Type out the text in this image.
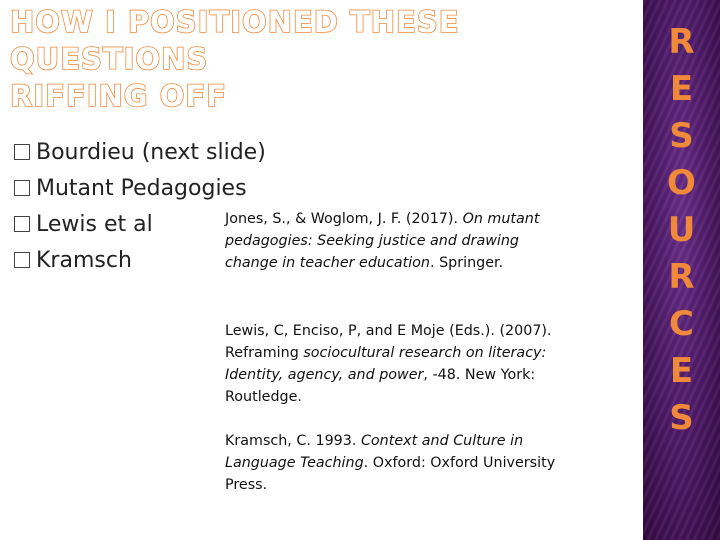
HOW I POSITIONED THESE
QUESTIONS
RIFFING OFF
Bourdieu (next slide)
Mutant Pedagogies
Lewis et al
Kramsch
Jones, S., & Woglom, J. F. (2017). On mutant pedagogies: Seeking justice and drawing change in teacher education. Springer.
Lewis, C, Enciso, P, and E Moje (Eds.). (2007). Reframing sociocultural research on literacy: Identity, agency, and power, -48. New York: Routledge.
Kramsch, C. 1993. Context and Culture in Language Teaching. Oxford: Oxford University Press.
R
E
S
O
U
R
C
E
S
